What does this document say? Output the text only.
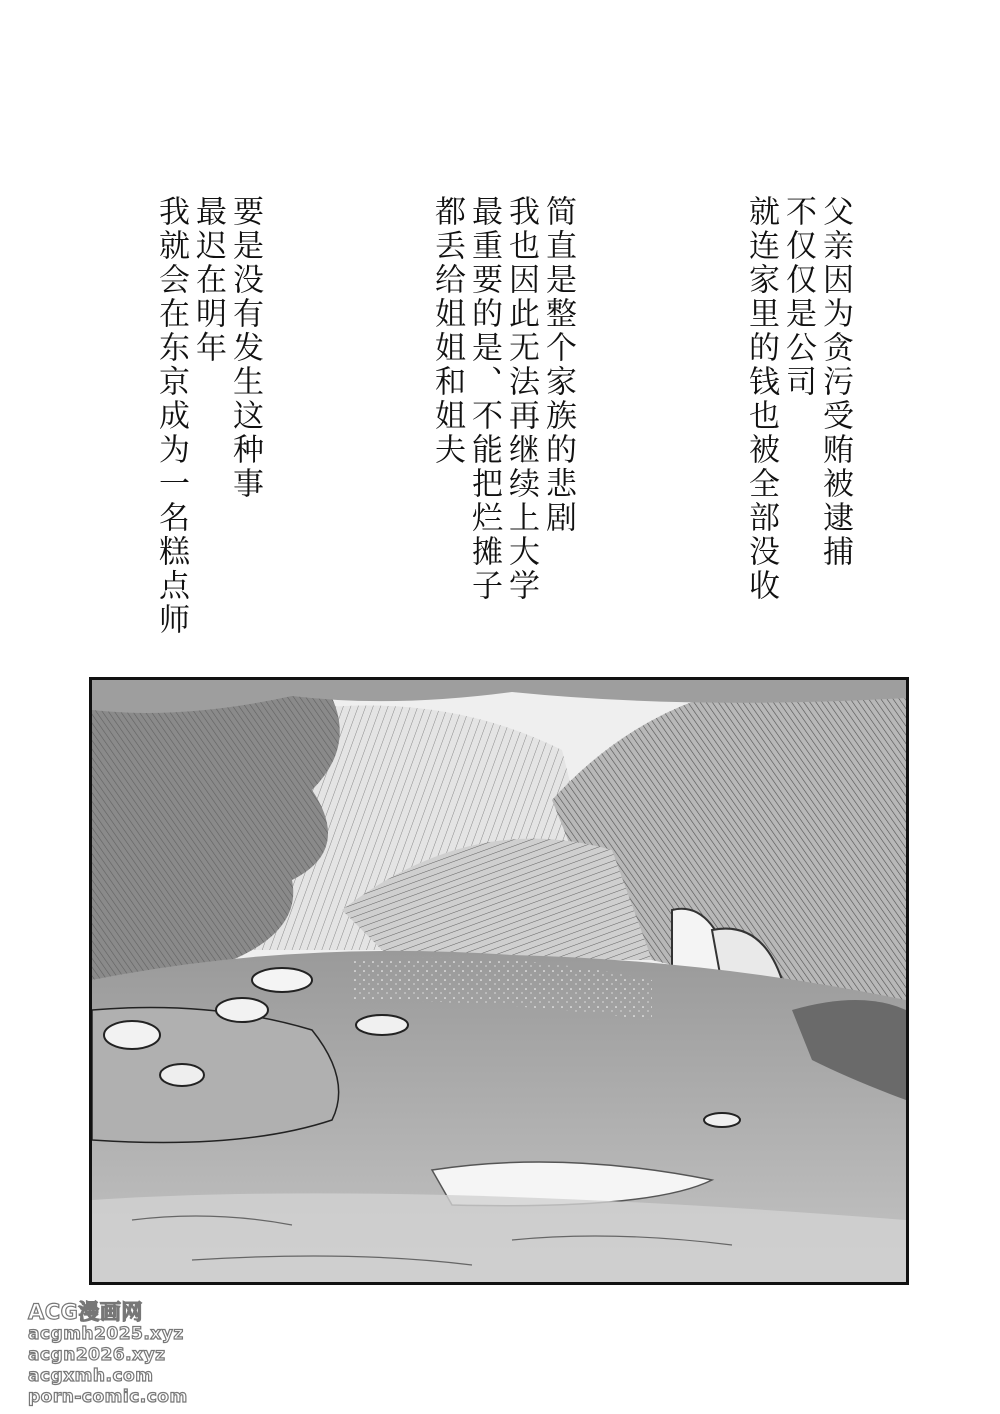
父亲因为贪污受贿被逮捕
不仅仅是公司
就连家里的钱也被全部没收
简直是整个家族的悲剧
我也因此无法再继续上大学
最重要的是、不能把烂摊子
都丢给姐姐和姐夫
要是没有发生这种事
最迟在明年
我就会在东京成为一名糕点师
ACG漫画网
acgmh2025.xyz
acgn2026.xyz
acgxmh.com
porn-comic.com
